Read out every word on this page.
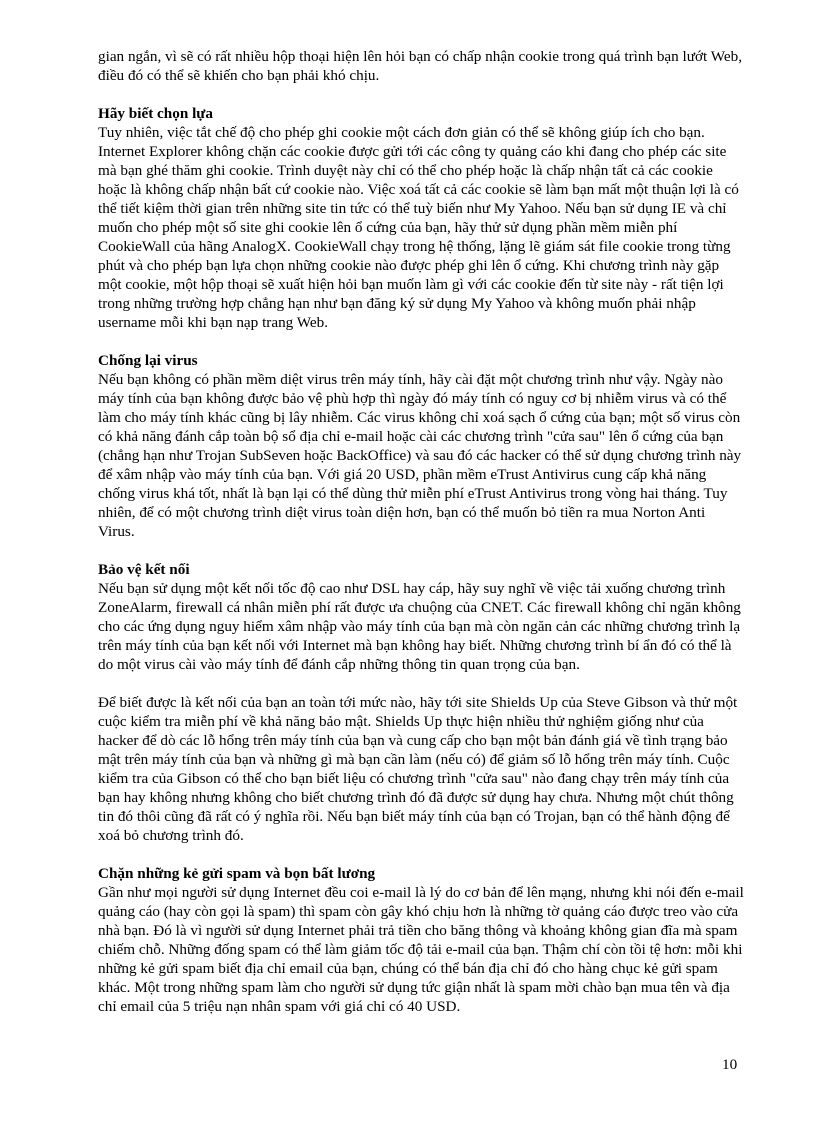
gian ngắn, vì sẽ có rất nhiều hộp thoại hiện lên hỏi bạn có chấp nhận cookie trong quá trình bạn lướt Web, điều đó có thể sẽ khiến cho bạn phải khó chịu.

Hãy biết chọn lựa

Tuy nhiên, việc tắt chế độ cho phép ghi cookie một cách đơn giản có thể sẽ không giúp ích cho bạn. Internet Explorer không chặn các cookie được gửi tới các công ty quảng cáo khi đang cho phép các site mà bạn ghé thăm ghi cookie. Trình duyệt này chỉ có thể cho phép hoặc là chấp nhận tất cả các cookie hoặc là không chấp nhận bất cứ cookie nào. Việc xoá tất cả các cookie sẽ làm bạn mất một thuận lợi là có thể tiết kiệm thời gian trên những site tin tức có thể tuỳ biến như My Yahoo. Nếu bạn sử dụng IE và chỉ muốn cho phép một số site ghi cookie lên ổ cứng của bạn, hãy thử sử dụng phần mềm miễn phí CookieWall của hãng AnalogX. CookieWall chạy trong hệ thống, lặng lẽ giám sát file cookie trong từng phút và cho phép bạn lựa chọn những cookie nào được phép ghi lên ổ cứng. Khi chương trình này gặp một cookie, một hộp thoại sẽ xuất hiện hỏi bạn muốn làm gì với các cookie đến từ site này - rất tiện lợi trong những trường hợp chẳng hạn như bạn đăng ký sử dụng My Yahoo và không muốn phải nhập username mỗi khi bạn nạp trang Web.

Chống lại virus

Nếu bạn không có phần mềm diệt virus trên máy tính, hãy cài đặt một chương trình như vậy. Ngày nào máy tính của bạn không được bảo vệ phù hợp thì ngày đó máy tính có nguy cơ bị nhiễm virus và có thể làm cho máy tính khác cũng bị lây nhiễm. Các virus không chỉ xoá sạch ổ cứng của bạn; một số virus còn có khả năng đánh cắp toàn bộ sổ địa chỉ e-mail hoặc cài các chương trình "cửa sau" lên ổ cứng của bạn (chẳng hạn như Trojan SubSeven hoặc BackOffice) và sau đó các hacker có thể sử dụng chương trình này để xâm nhập vào máy tính của bạn. Với giá 20 USD, phần mềm eTrust Antivirus cung cấp khả năng chống virus khá tốt, nhất là bạn lại có thể dùng thử miễn phí eTrust Antivirus trong vòng hai tháng. Tuy nhiên, để có một chương trình diệt virus toàn diện hơn, bạn có thể muốn bỏ tiền ra mua Norton Anti Virus.

Bảo vệ kết nối

Nếu bạn sử dụng một kết nối tốc độ cao như DSL hay cáp, hãy suy nghĩ về việc tải xuống chương trình ZoneAlarm, firewall cá nhân miễn phí rất được ưa chuộng của CNET. Các firewall không chỉ ngăn không cho các ứng dụng nguy hiểm xâm nhập vào máy tính của bạn mà còn ngăn cản các những chương trình lạ trên máy tính của bạn kết nối với Internet mà bạn không hay biết. Những chương trình bí ẩn đó có thể là do một virus cài vào máy tính để đánh cắp những thông tin quan trọng của bạn.

Để biết được là kết nối của bạn an toàn tới mức nào, hãy tới site Shields Up của Steve Gibson và thử một cuộc kiểm tra miễn phí về khả năng bảo mật. Shields Up thực hiện nhiều thử nghiệm giống như của hacker để dò các lỗ hổng trên máy tính của bạn và cung cấp cho bạn một bản đánh giá về tình trạng bảo mật trên máy tính của bạn và những gì mà bạn cần làm (nếu có) để giảm số lỗ hổng trên máy tính. Cuộc kiểm tra của Gibson có thể cho bạn biết liệu có chương trình "cửa sau" nào đang chạy trên máy tính của bạn hay không nhưng không cho biết chương trình đó đã được sử dụng hay chưa. Nhưng một chút thông tin đó thôi cũng đã rất có ý nghĩa rồi. Nếu bạn biết máy tính của bạn có Trojan, bạn có thể hành động để xoá bỏ chương trình đó.

Chặn những kẻ gửi spam và bọn bất lương

Gần như mọi người sử dụng Internet đều coi e-mail là lý do cơ bản để lên mạng, nhưng khi nói đến e-mail quảng cáo (hay còn gọi là spam) thì spam còn gây khó chịu hơn là những tờ quảng cáo được treo vào cửa nhà bạn. Đó là vì người sử dụng Internet phải trả tiền cho băng thông và khoảng không gian đĩa mà spam chiếm chỗ. Những đống spam có thể làm giảm tốc độ tải e-mail của bạn. Thậm chí còn tồi tệ hơn: mỗi khi những kẻ gửi spam biết địa chỉ email của bạn, chúng có thể bán địa chỉ đó cho hàng chục kẻ gửi spam khác. Một trong những spam làm cho người sử dụng tức giận nhất là spam mời chào bạn mua tên và địa chỉ email của 5 triệu nạn nhân spam với giá chỉ có 40 USD.

10
